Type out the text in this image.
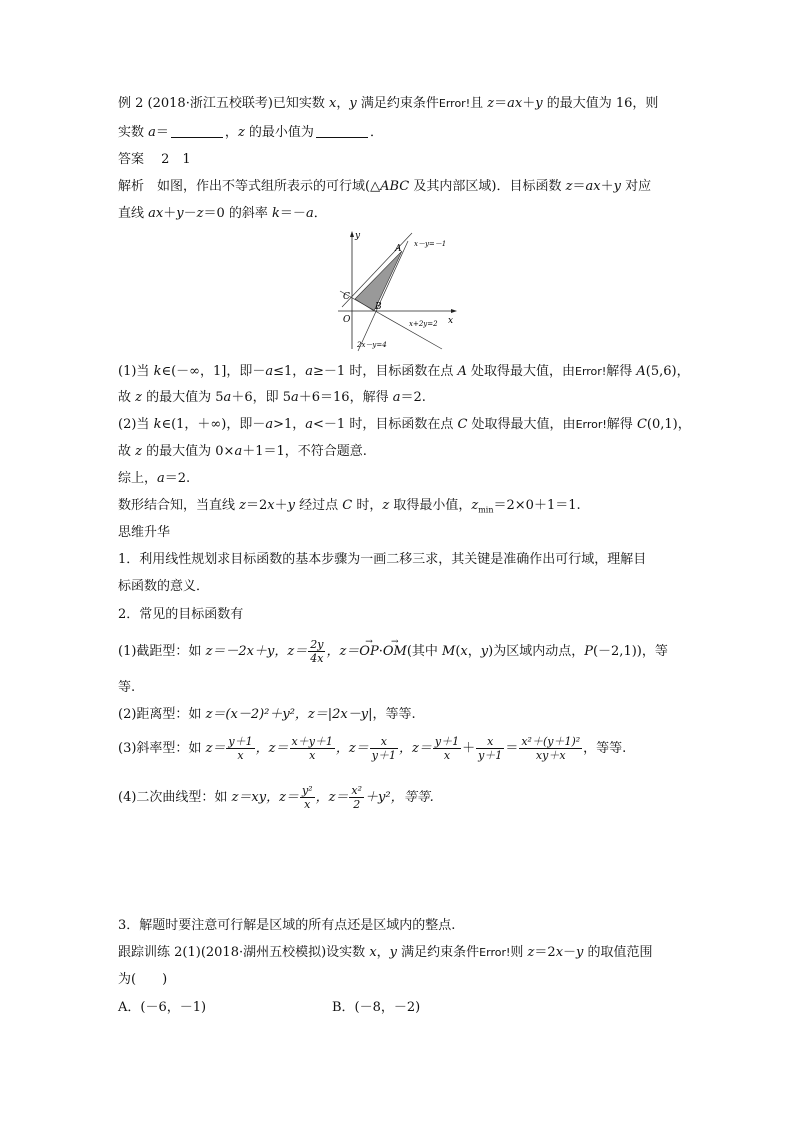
例 2 (2018·浙江五校联考)已知实数 x，y 满足约束条件Error!且 z＝ax＋y 的最大值为 16，则
实数 a＝	，z 的最小值为	．
答案　 2　1
解析　 如图，作出不等式组所表示的可行域(△ABC 及其内部区域)．目标函数 z＝ax＋y 对应
直线 ax＋y－z＝0 的斜率 k＝－a．
y
x
O
A
B
C
x－y=－1
x+2y=2
2x－y=4
(1)当 k∈(－∞，1]，即－a≤1，a≥－1 时，目标函数在点 A 处取得最大值，由Error!解得 A(5,6)，
故 z 的最大值为 5a＋6，即 5a＋6＝16，解得 a＝2.
(2)当 k∈(1，＋∞)，即－a>1，a<－1 时，目标函数在点 C 处取得最大值，由Error!解得 C(0,1)，
故 z 的最大值为 0×a＋1＝1，不符合题意.
综上，a＝2.
数形结合知，当直线 z＝2x＋y 经过点 C 时，z 取得最小值，$z_{min}=2\times 0+1=1$.
思维升华
1．利用线性规划求目标函数的基本步骤为一画二移三求，其关键是准确作出可行域，理解目
标函数的意义．
2．常见的目标函数有
(1)截距型：如 z＝－2x＋y，$z= \frac{2y}{4x}$ ，z＝→ OP·→ OM(其中 M(x，y)为区域内动点，P(－2,1))，等
等.
(2)距离型：如 z＝(x－2)²＋y²，z＝|2x－y|，等等.
(3)斜率型：如 $z= \frac{y+1}{x}$ ，$z= \frac{x+y+1}{x}$ ，$z= \frac{x}{y+1}$ ，$z= \frac{y+1}{x} + \frac{x}{y+1} = \frac{\text{x²＋(y＋1)²}}{xy+x}$ ，等等.
(4)二次曲线型：如 z＝xy，$z= \frac{\text{y²}}{x}$ ，$z= \frac{\text{x²}}{2} +y^2$，等等.
3．解题时要注意可行解是区域的所有点还是区域内的整点.
跟踪训练 2(1)(2018·湖州五校模拟)设实数 x，y 满足约束条件Error!则 z＝2x－y 的取值范围
为(　　)
A．(－6，－1)	B．(－8，－2)
